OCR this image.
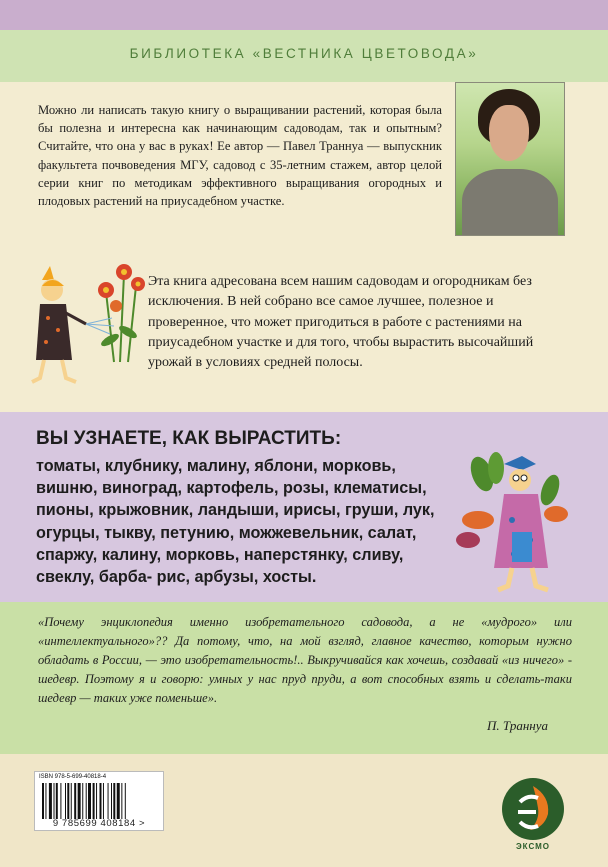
БИБЛИОТЕКА «ВЕСТНИКА ЦВЕТОВОДА»
Можно ли написать такую книгу о выращивании растений, которая была бы полезна и интересна как начинающим садоводам, так и опытным? Считайте, что она у вас в руках! Ее автор — Павел Траннуа — выпускник факультета почвоведения МГУ, садовод с 35-летним стажем, автор целой серии книг по методикам эффективного выращивания огородных и плодовых растений на приусадебном участке.
Эта книга адресована всем нашим садоводам и огородникам без исключения. В ней собрано все самое лучшее, полезное и проверенное, что может пригодиться в работе с растениями на приусадебном участке и для того, чтобы вырастить высочайший урожай в условиях средней полосы.
ВЫ УЗНАЕТЕ, КАК ВЫРАСТИТЬ:
томаты, клубнику, малину, яблони, морковь,
вишню, виноград, картофель, розы, клематисы,
пионы, крыжовник, ландыши, ирисы, груши, лук,
огурцы, тыкву, петунию, можжевельник, салат,
спаржу, калину, морковь, наперстянку, сливу,
свеклу, барба- рис, арбузы, хосты.
«Почему энциклопедия именно изобретательного садовода, а не «мудрого» или «интеллектуального»?? Да потому, что, на мой взгляд, главное качество, которым нужно обладать в России, — это изобретательность!.. Выкручивайся как хочешь, создавай «из ничего» - шедевр. Поэтому я и говорю: умных у нас пруд пруди, а вот способных взять и сделать-таки шедевр — таких уже поменьше».
П. Траннуа
ISBN 978-5-699-40818-4
9 785699 408184 >
ЭКСМО
